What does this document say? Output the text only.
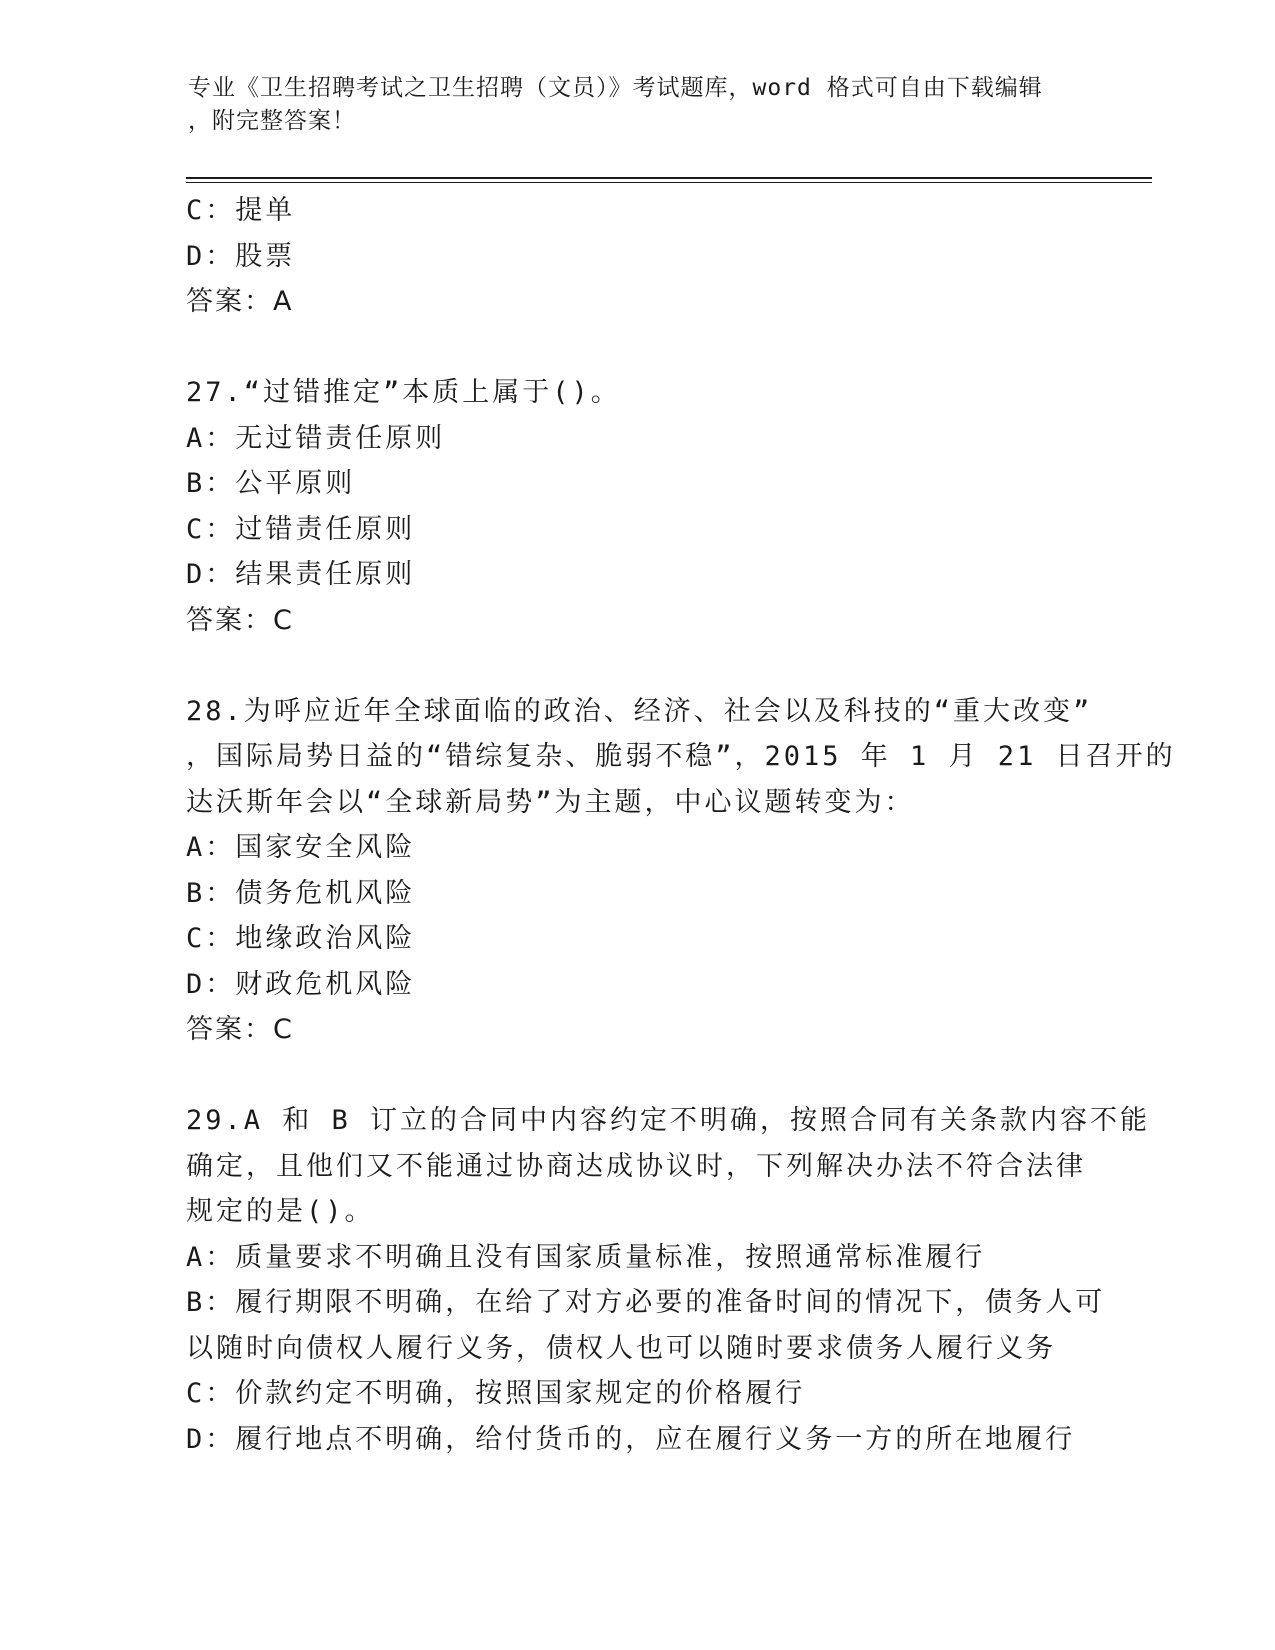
专业《卫生招聘考试之卫生招聘（文员）》考试题库，word 格式可自由下载编辑
，附完整答案！
C：提单
D：股票
答案：A
27.“过错推定”本质上属于()。
A：无过错责任原则
B：公平原则
C：过错责任原则
D：结果责任原则
答案：C
28.为呼应近年全球面临的政治、经济、社会以及科技的“重大改变”
，国际局势日益的“错综复杂、脆弱不稳”，2015 年 1 月 21 日召开的
达沃斯年会以“全球新局势”为主题，中心议题转变为：
A：国家安全风险
B：债务危机风险
C：地缘政治风险
D：财政危机风险
答案：C
29.A 和 B 订立的合同中内容约定不明确，按照合同有关条款内容不能
确定，且他们又不能通过协商达成协议时，下列解决办法不符合法律
规定的是()。
A：质量要求不明确且没有国家质量标准，按照通常标准履行
B：履行期限不明确，在给了对方必要的准备时间的情况下，债务人可
以随时向债权人履行义务，债权人也可以随时要求债务人履行义务
C：价款约定不明确，按照国家规定的价格履行
D：履行地点不明确，给付货币的，应在履行义务一方的所在地履行
